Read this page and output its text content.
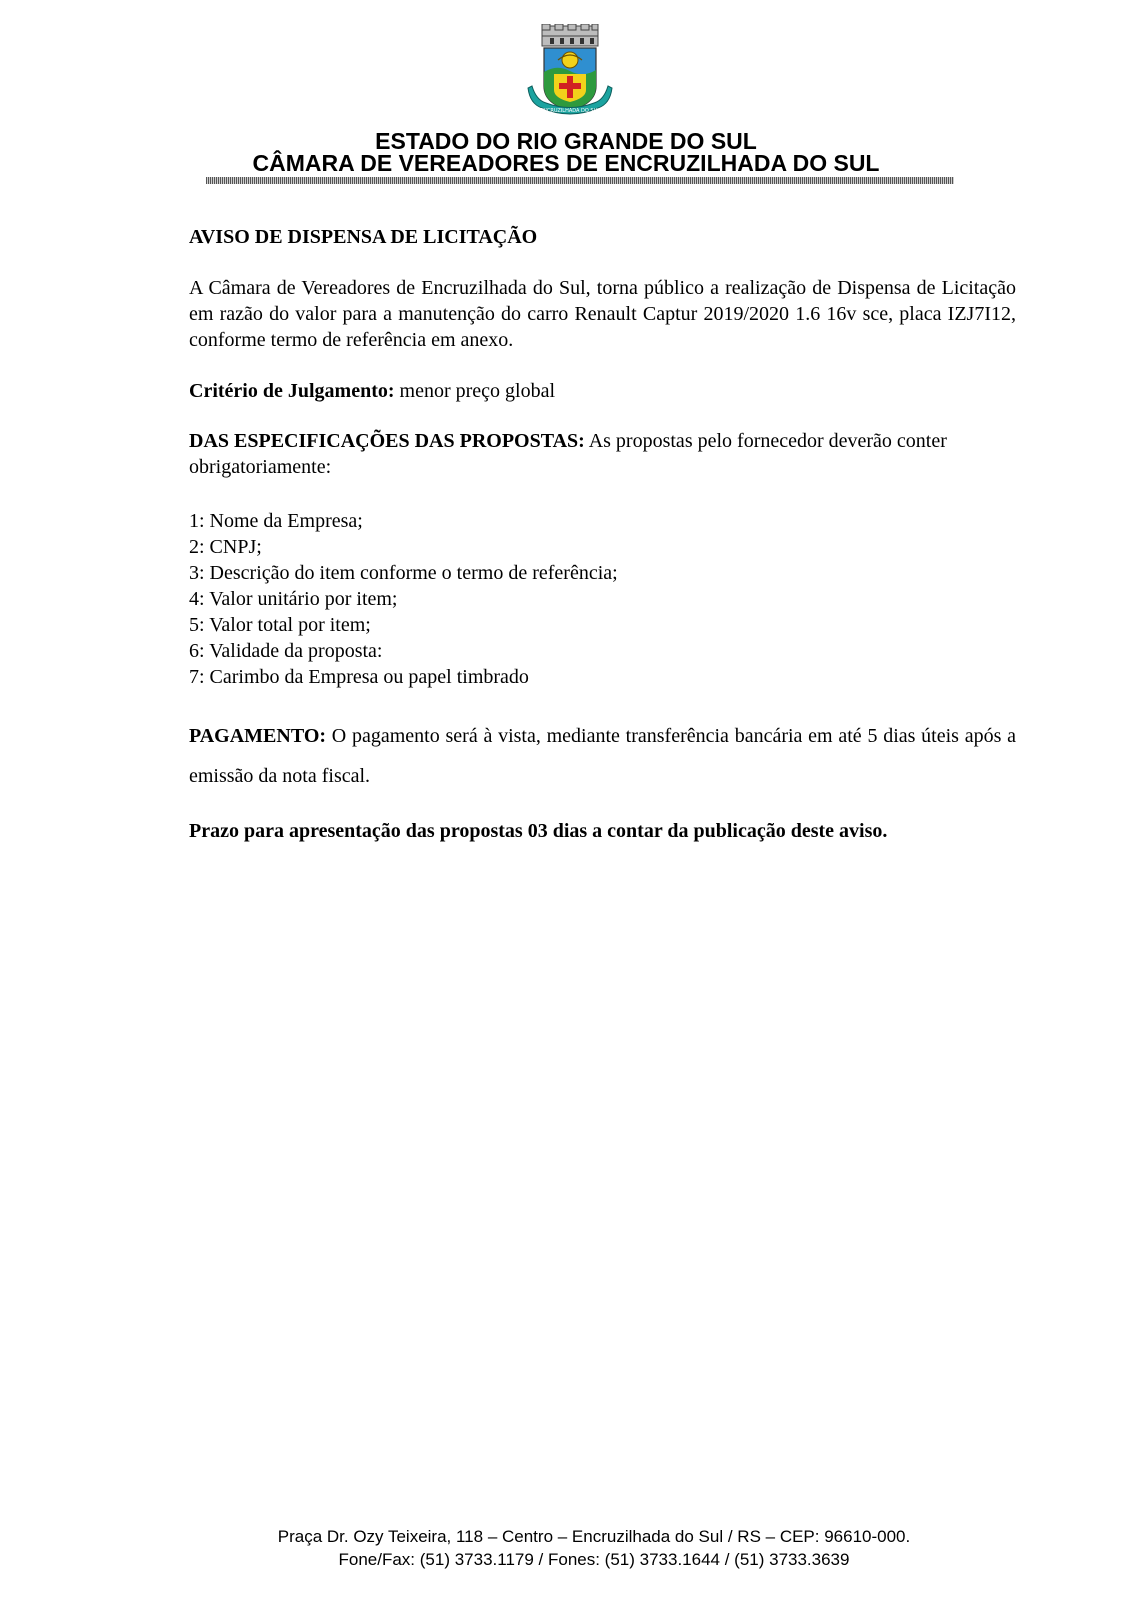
ENCRUZILHADA DO SUL
ESTADO DO RIO GRANDE DO SUL
CÂMARA DE VEREADORES DE ENCRUZILHADA DO SUL
AVISO DE DISPENSA DE LICITAÇÃO
A Câmara de Vereadores de Encruzilhada do Sul, torna público a realização de Dispensa de Licitação em razão do valor para a manutenção do carro Renault Captur 2019/2020 1.6 16v sce, placa IZJ7I12, conforme termo de referência em anexo.
Critério de Julgamento: menor preço global
DAS ESPECIFICAÇÕES DAS PROPOSTAS: As propostas pelo fornecedor deverão conter obrigatoriamente:
1: Nome da Empresa;
2: CNPJ;
3: Descrição do item conforme o termo de referência;
4: Valor unitário por item;
5: Valor total por item;
6: Validade da proposta:
7: Carimbo da Empresa ou papel timbrado
PAGAMENTO: O pagamento será à vista, mediante transferência bancária em até 5 dias úteis após a emissão da nota fiscal.
Prazo para apresentação das propostas 03 dias a contar da publicação deste aviso.
Praça Dr. Ozy Teixeira, 118 – Centro – Encruzilhada do Sul / RS – CEP: 96610-000.
Fone/Fax: (51) 3733.1179 / Fones: (51) 3733.1644 / (51) 3733.3639
